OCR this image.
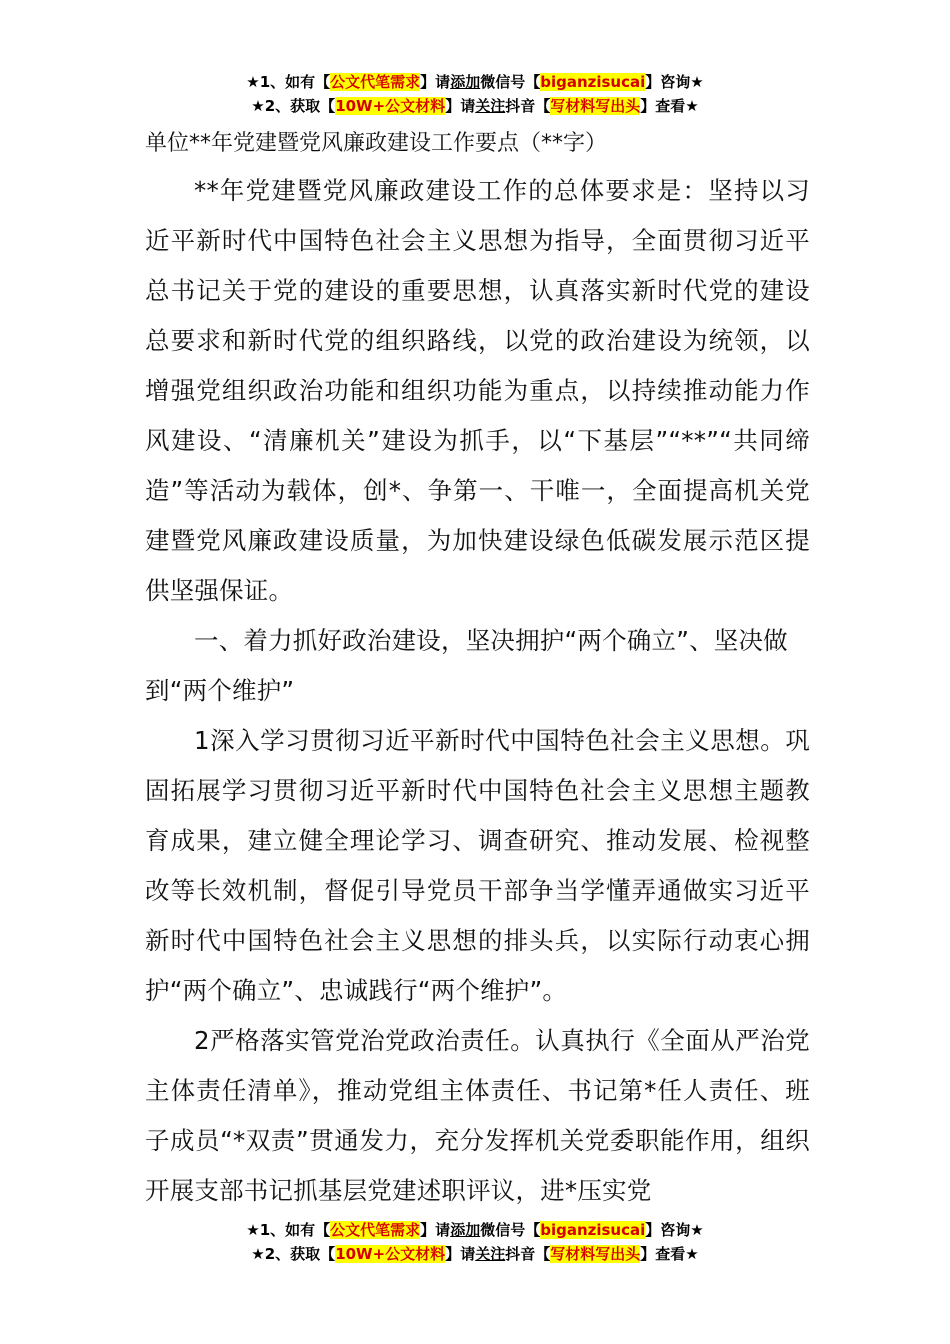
★1、如有【公文代笔需求】请添加微信号【biganzisucai】咨询★
★2、获取【10W+公文材料】请关注抖音【写材料写出头】查看★

单位**年党建暨党风廉政建设工作要点（**字）

**年党建暨党风廉政建设工作的总体要求是：坚持以习近平新时代中国特色社会主义思想为指导，全面贯彻习近平总书记关于党的建设的重要思想，认真落实新时代党的建设总要求和新时代党的组织路线，以党的政治建设为统领，以增强党组织政治功能和组织功能为重点，以持续推动能力作风建设、“清廉机关”建设为抓手，以“下基层”“**”“共同缔造”等活动为载体，创*、争第一、干唯一，全面提高机关党建暨党风廉政建设质量，为加快建设绿色低碳发展示范区提供坚强保证。

一、着力抓好政治建设，坚决拥护“两个确立”、坚决做到“两个维护”

1深入学习贯彻习近平新时代中国特色社会主义思想。巩固拓展学习贯彻习近平新时代中国特色社会主义思想主题教育成果，建立健全理论学习、调查研究、推动发展、检视整改等长效机制，督促引导党员干部争当学懂弄通做实习近平新时代中国特色社会主义思想的排头兵，以实际行动衷心拥护“两个确立”、忠诚践行“两个维护”。

2严格落实管党治党政治责任。认真执行《全面从严治党主体责任清单》，推动党组主体责任、书记第*任人责任、班子成员“*双责”贯通发力，充分发挥机关党委职能作用，组织开展支部书记抓基层党建述职评议，进*压实党

★1、如有【公文代笔需求】请添加微信号【biganzisucai】咨询★
★2、获取【10W+公文材料】请关注抖音【写材料写出头】查看★
